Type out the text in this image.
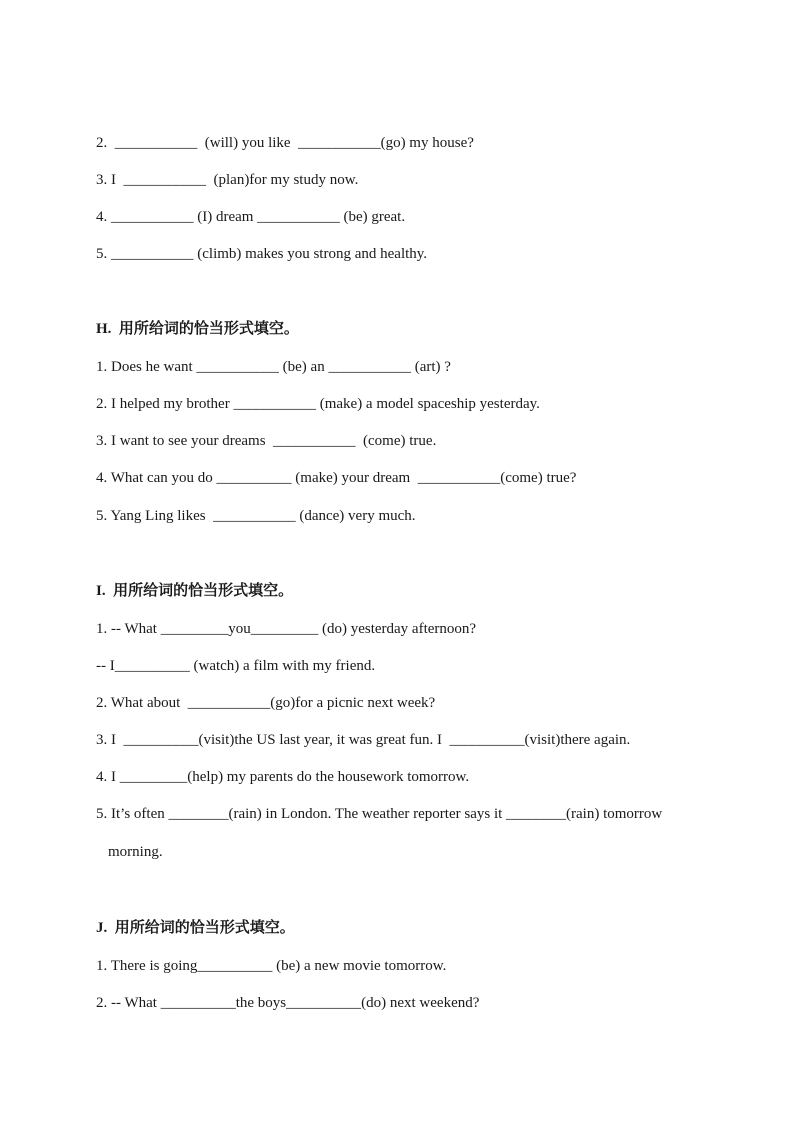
2.  ___________  (will) you like  ___________(go) my house?
3. I  ___________  (plan)for my study now.
4. ___________ (I) dream ___________ (be) great.
5. ___________ (climb) makes you strong and healthy.
H.  用所给词的恰当形式填空。
1. Does he want ___________ (be) an ___________ (art) ?
2. I helped my brother ___________ (make) a model spaceship yesterday.
3. I want to see your dreams  ___________  (come) true.
4. What can you do __________ (make) your dream  ___________(come) true?
5. Yang Ling likes  ___________ (dance) very much.
I.  用所给词的恰当形式填空。
1. -- What _________you_________ (do) yesterday afternoon?
-- I__________ (watch) a film with my friend.
2. What about  ___________(go)for a picnic next week?
3. I  __________(visit)the US last year, it was great fun. I  __________(visit)there again.
4. I _________(help) my parents do the housework tomorrow.
5. It’s often ________(rain) in London. The weather reporter says it ________(rain) tomorrow
morning.
J.  用所给词的恰当形式填空。
1. There is going__________ (be) a new movie tomorrow.
2. -- What __________the boys__________(do) next weekend?
